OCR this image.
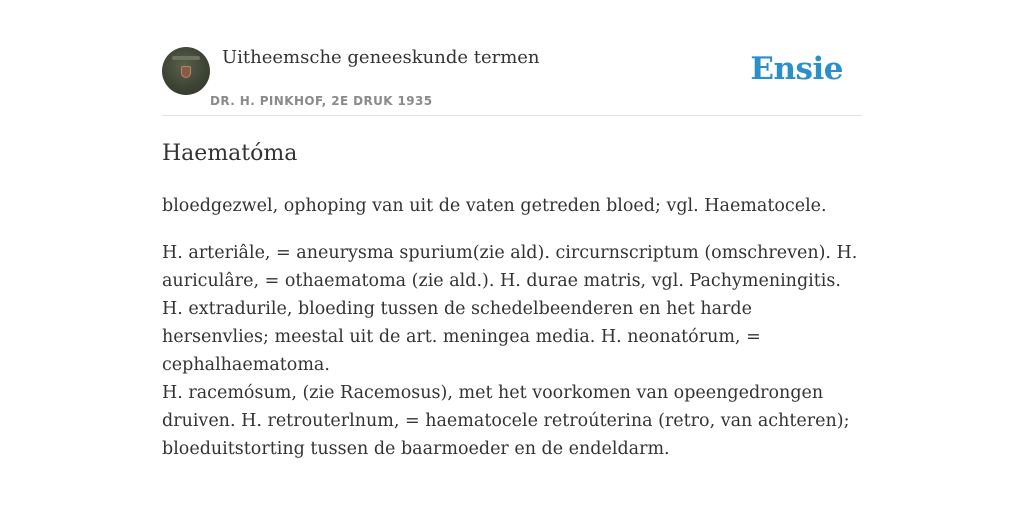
Uitheemsche geneeskunde termen
DR. H. PINKHOF, 2E DRUK 1935
Ensie
Haematóma

bloedgezwel, ophoping van uit de vaten getreden bloed; vgl. Haematocele.

H. arteriâle, = aneurysma spurium(zie ald). circurnscriptum (omschreven). H. auriculâre, = othaematoma (zie ald.). H. durae matris, vgl. Pachymeningitis. H. extradurile, bloeding tussen de schedelbeenderen en het harde hersenvlies; meestal uit de art. meningea media. H. neonatórum, = cephalhaematoma.

H. racemósum, (zie Racemosus), met het voorkomen van opeengedrongen druiven. H. retrouterlnum, = haematocele retroúterina (retro, van achteren); bloeduitstorting tussen de baarmoeder en de endeldarm.
